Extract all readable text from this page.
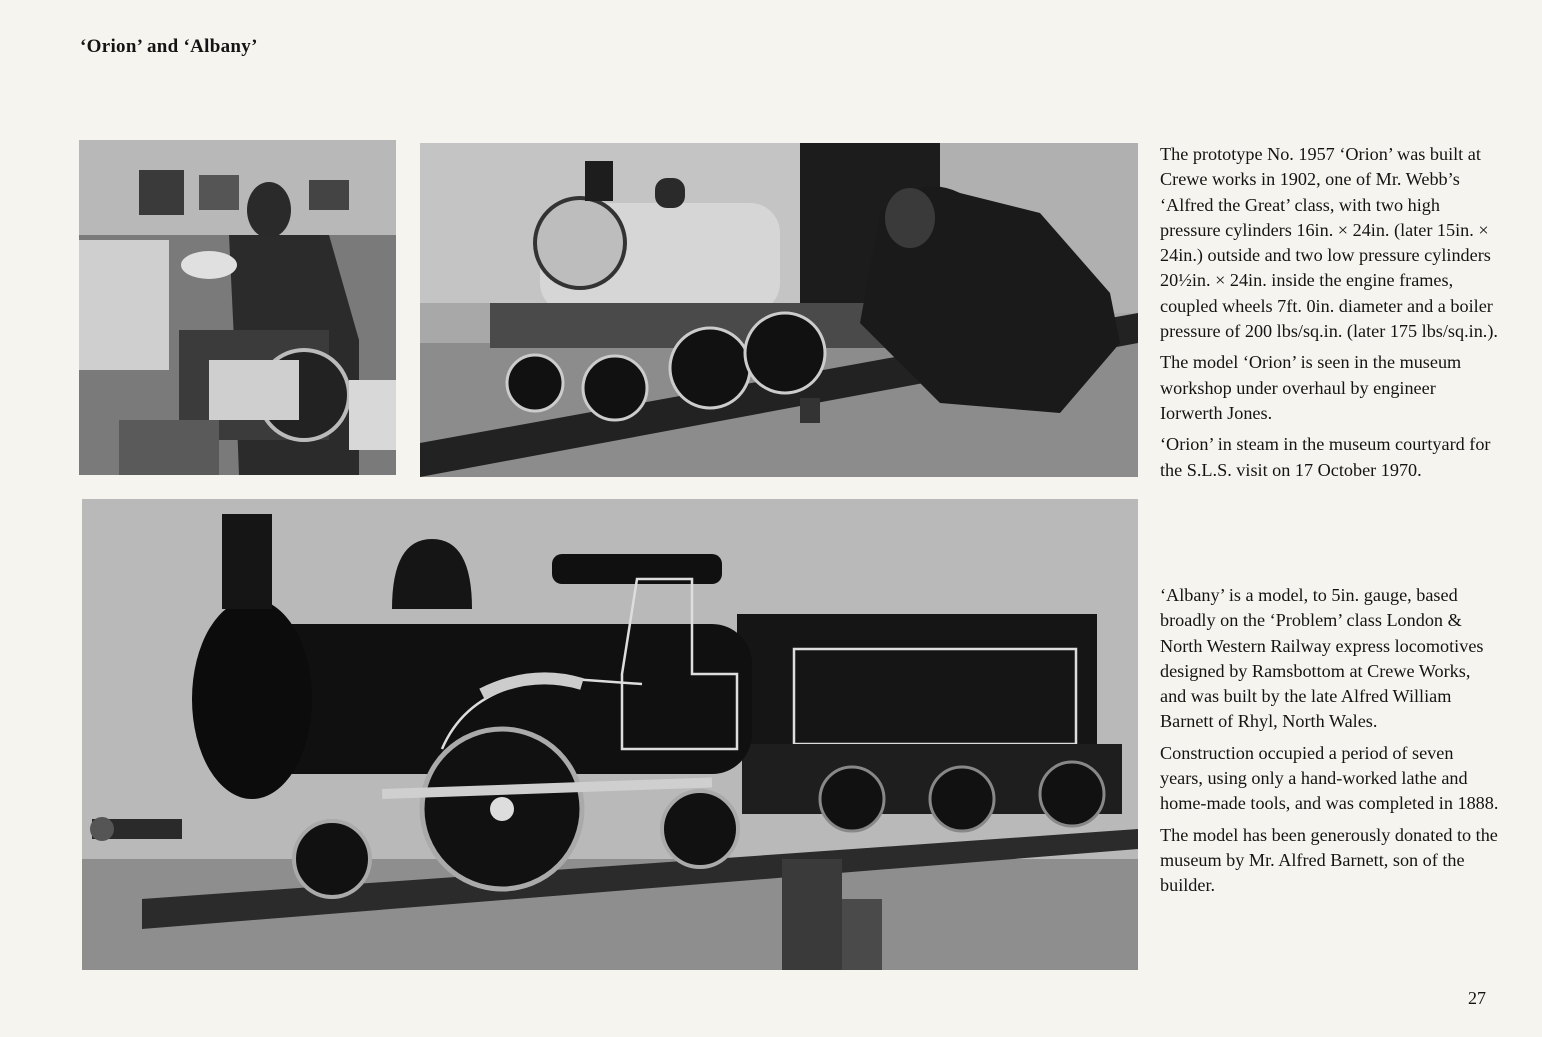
‘Orion’ and ‘Albany’

The prototype No. 1957 ‘Orion’ was built at Crewe works in 1902, one of Mr. Webb’s ‘Alfred the Great’ class, with two high pressure cylinders 16in. × 24in. (later 15in. × 24in.) outside and two low pressure cylinders 20½in. × 24in. inside the engine frames, coupled wheels 7ft. 0in. diameter and a boiler pressure of 200 lbs/sq.in. (later 175 lbs/sq.in.).

The model ‘Orion’ is seen in the museum workshop under overhaul by engineer Iorwerth Jones.

‘Orion’ in steam in the museum courtyard for the S.L.S. visit on 17 October 1970.

‘Albany’ is a model, to 5in. gauge, based broadly on the ‘Problem’ class London & North Western Railway express locomotives designed by Ramsbottom at Crewe Works, and was built by the late Alfred William Barnett of Rhyl, North Wales.

Construction occupied a period of seven years, using only a hand-worked lathe and home-made tools, and was completed in 1888.

The model has been generously donated to the museum by Mr. Alfred Barnett, son of the builder.

27
